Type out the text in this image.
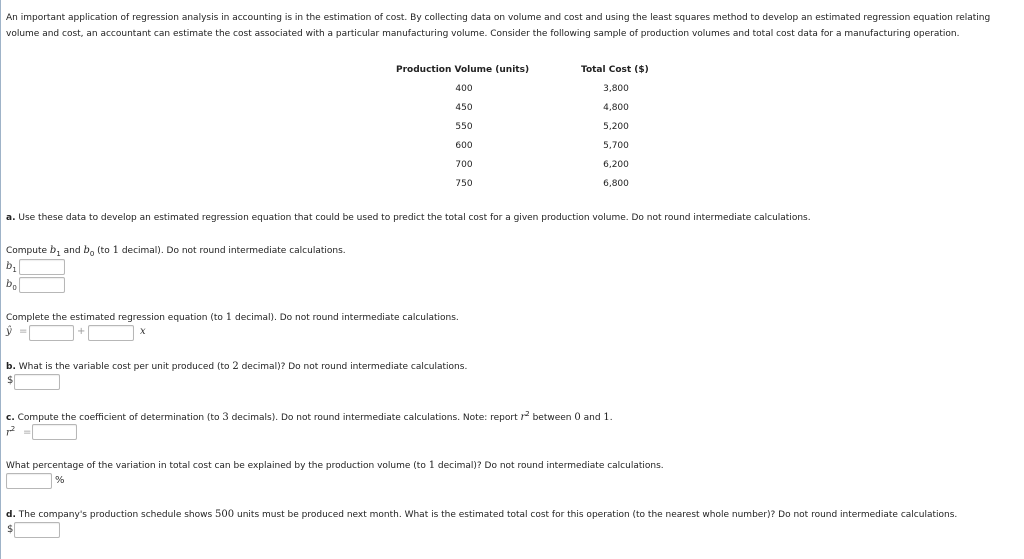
An important application of regression analysis in accounting is in the estimation of cost. By collecting data on volume and cost and using the least squares method to develop an estimated regression equation relating volume and cost, an accountant can estimate the cost associated with a particular manufacturing volume. Consider the following sample of production volumes and total cost data for a manufacturing operation.
Production Volume (units)	Total Cost ($)
400	3,800
450	4,800
550	5,200
600	5,700
700	6,200
750	6,800
a. Use these data to develop an estimated regression equation that could be used to predict the total cost for a given production volume. Do not round intermediate calculations.
Compute $b_1$ and $b_0$ (to 1 decimal). Do not round intermediate calculations.
$b_1$
$b_0$
Complete the estimated regression equation (to 1 decimal). Do not round intermediate calculations.
ŷ =	+	x
b. What is the variable cost per unit produced (to 2 decimal)? Do not round intermediate calculations.
$
c. Compute the coefficient of determination (to 3 decimals). Do not round intermediate calculations. Note: report $r^2$ between 0 and 1.
$r^2$ =
What percentage of the variation in total cost can be explained by the production volume (to 1 decimal)? Do not round intermediate calculations.
%
d. The company's production schedule shows 500 units must be produced next month. What is the estimated total cost for this operation (to the nearest whole number)? Do not round intermediate calculations.
$
